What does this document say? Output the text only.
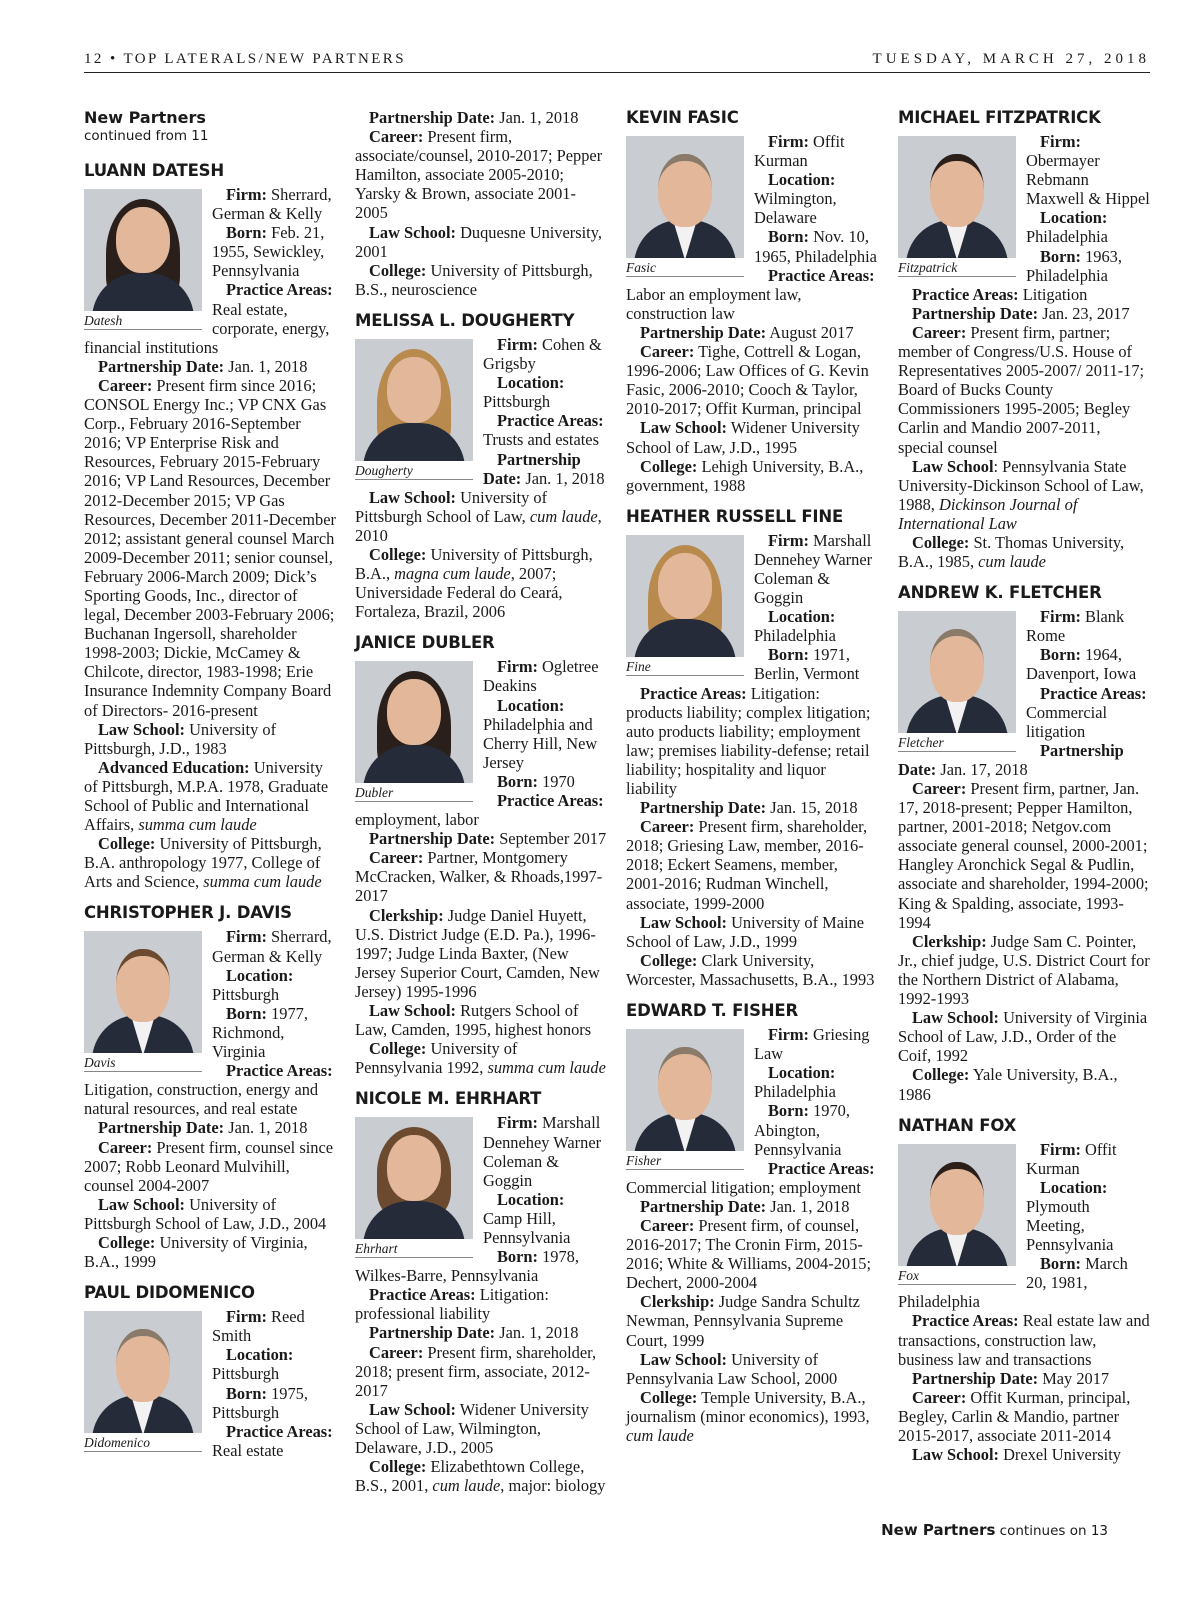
12 • TOP LATERALS/NEW PARTNERS	TUESDAY, MARCH 27, 2018
New Partners
continued from 11
LUANN DATESH
Datesh
Firm: Sherrard, German & Kelly
Born: Feb. 21, 1955, Sewickley, Pennsylvania
Practice Areas: Real estate, corporate, energy, financial institutions
Partnership Date: Jan. 1, 2018
Career: Present firm since 2016; CONSOL Energy Inc.; VP CNX Gas Corp., February 2016-September 2016; VP Enterprise Risk and Resources, February 2015-February 2016; VP Land Resources, December 2012-December 2015; VP Gas Resources, December 2011-December 2012; assistant general counsel March 2009-December 2011; senior counsel, February 2006-March 2009; Dick’s Sporting Goods, Inc., director of legal, December 2003-February 2006; Buchanan Ingersoll, shareholder 1998-2003; Dickie, McCamey & Chilcote, director, 1983-1998; Erie Insurance Indemnity Company Board of Directors- 2016-present
Law School: University of Pittsburgh, J.D., 1983
Advanced Education: University of Pittsburgh, M.P.A. 1978, Graduate School of Public and International Affairs, summa cum laude
College: University of Pittsburgh, B.A. anthropology 1977, College of Arts and Science, summa cum laude
CHRISTOPHER J. DAVIS
Davis
Firm: Sherrard, German & Kelly
Location: Pittsburgh
Born: 1977, Richmond, Virginia
Practice Areas: Litigation, construction, energy and natural resources, and real estate
Partnership Date: Jan. 1, 2018
Career: Present firm, counsel since 2007; Robb Leonard Mulvihill, counsel 2004-2007
Law School: University of Pittsburgh School of Law, J.D., 2004
College: University of Virginia, B.A., 1999
PAUL DIDOMENICO
Didomenico
Firm: Reed Smith
Location: Pittsburgh
Born: 1975, Pittsburgh
Practice Areas: Real estate
Partnership Date: Jan. 1, 2018
Career: Present firm, associate/counsel, 2010-2017; Pepper Hamilton, associate 2005-2010; Yarsky & Brown, associate 2001-2005
Law School: Duquesne University, 2001
College: University of Pittsburgh, B.S., neuroscience
MELISSA L. DOUGHERTY
Dougherty
Firm: Cohen & Grigsby
Location: Pittsburgh
Practice Areas: Trusts and estates
Partnership Date: Jan. 1, 2018
Law School: University of Pittsburgh School of Law, cum laude, 2010
College: University of Pittsburgh, B.A., magna cum laude, 2007; Universidade Federal do Ceará, Fortaleza, Brazil, 2006
JANICE DUBLER
Dubler
Firm: Ogletree Deakins
Location: Philadelphia and Cherry Hill, New Jersey
Born: 1970
Practice Areas: employment, labor
Partnership Date: September 2017
Career: Partner, Montgomery McCracken, Walker, & Rhoads,1997-2017
Clerkship: Judge Daniel Huyett, U.S. District Judge (E.D. Pa.), 1996-1997; Judge Linda Baxter, (New Jersey Superior Court, Camden, New Jersey) 1995-1996
Law School: Rutgers School of Law, Camden, 1995, highest honors
College: University of Pennsylvania 1992, summa cum laude
NICOLE M. EHRHART
Ehrhart
Firm: Marshall Dennehey Warner Coleman & Goggin
Location: Camp Hill, Pennsylvania
Born: 1978, Wilkes-Barre, Pennsylvania
Practice Areas: Litigation: professional liability
Partnership Date: Jan. 1, 2018
Career: Present firm, shareholder, 2018; present firm, associate, 2012-2017
Law School: Widener University School of Law, Wilmington, Delaware, J.D., 2005
College: Elizabethtown College, B.S., 2001, cum laude, major: biology
KEVIN FASIC
Fasic
Firm: Offit Kurman
Location: Wilmington, Delaware
Born: Nov. 10, 1965, Philadelphia
Practice Areas: Labor an employment law, construction law
Partnership Date: August 2017
Career: Tighe, Cottrell & Logan, 1996-2006; Law Offices of G. Kevin Fasic, 2006-2010; Cooch & Taylor, 2010-2017; Offit Kurman, principal
Law School: Widener University School of Law, J.D., 1995
College: Lehigh University, B.A., government, 1988
HEATHER RUSSELL FINE
Fine
Firm: Marshall Dennehey Warner Coleman & Goggin
Location: Philadelphia
Born: 1971, Berlin, Vermont
Practice Areas: Litigation: products liability; complex litigation; auto products liability; employment law; premises liability-defense; retail liability; hospitality and liquor liability
Partnership Date: Jan. 15, 2018
Career: Present firm, shareholder, 2018; Griesing Law, member, 2016-2018; Eckert Seamens, member, 2001-2016; Rudman Winchell, associate, 1999-2000
Law School: University of Maine School of Law, J.D., 1999
College: Clark University, Worcester, Massachusetts, B.A., 1993
EDWARD T. FISHER
Fisher
Firm: Griesing Law
Location: Philadelphia
Born: 1970, Abington, Pennsylvania
Practice Areas: Commercial litigation; employment
Partnership Date: Jan. 1, 2018
Career: Present firm, of counsel, 2016-2017; The Cronin Firm, 2015-2016; White & Williams, 2004-2015; Dechert, 2000-2004
Clerkship: Judge Sandra Schultz Newman, Pennsylvania Supreme Court, 1999
Law School: University of Pennsylvania Law School, 2000
College: Temple University, B.A., journalism (minor economics), 1993, cum laude
MICHAEL FITZPATRICK
Fitzpatrick
Firm: Obermayer Rebmann Maxwell & Hippel
Location: Philadelphia
Born: 1963, Philadelphia
Practice Areas: Litigation
Partnership Date: Jan. 23, 2017
Career: Present firm, partner; member of Congress/U.S. House of Representatives 2005-2007/ 2011-17; Board of Bucks County Commissioners 1995-2005; Begley Carlin and Mandio 2007-2011, special counsel
Law School: Pennsylvania State University-Dickinson School of Law, 1988, Dickinson Journal of International Law
College: St. Thomas University, B.A., 1985, cum laude
ANDREW K. FLETCHER
Fletcher
Firm: Blank Rome
Born: 1964, Davenport, Iowa
Practice Areas: Commercial litigation
Partnership Date: Jan. 17, 2018
Career: Present firm, partner, Jan. 17, 2018-present; Pepper Hamilton, partner, 2001-2018; Netgov.com associate general counsel, 2000-2001; Hangley Aronchick Segal & Pudlin, associate and shareholder, 1994-2000; King & Spalding, associate, 1993-1994
Clerkship: Judge Sam C. Pointer, Jr., chief judge, U.S. District Court for the Northern District of Alabama, 1992-1993
Law School: University of Virginia School of Law, J.D., Order of the Coif, 1992
College: Yale University, B.A., 1986
NATHAN FOX
Fox
Firm: Offit Kurman
Location: Plymouth Meeting, Pennsylvania
Born: March 20, 1981, Philadelphia
Practice Areas: Real estate law and transactions, construction law, business law and transactions
Partnership Date: May 2017
Career: Offit Kurman, principal, Begley, Carlin & Mandio, partner 2015-2017, associate 2011-2014
Law School: Drexel University
New Partners continues on 13
